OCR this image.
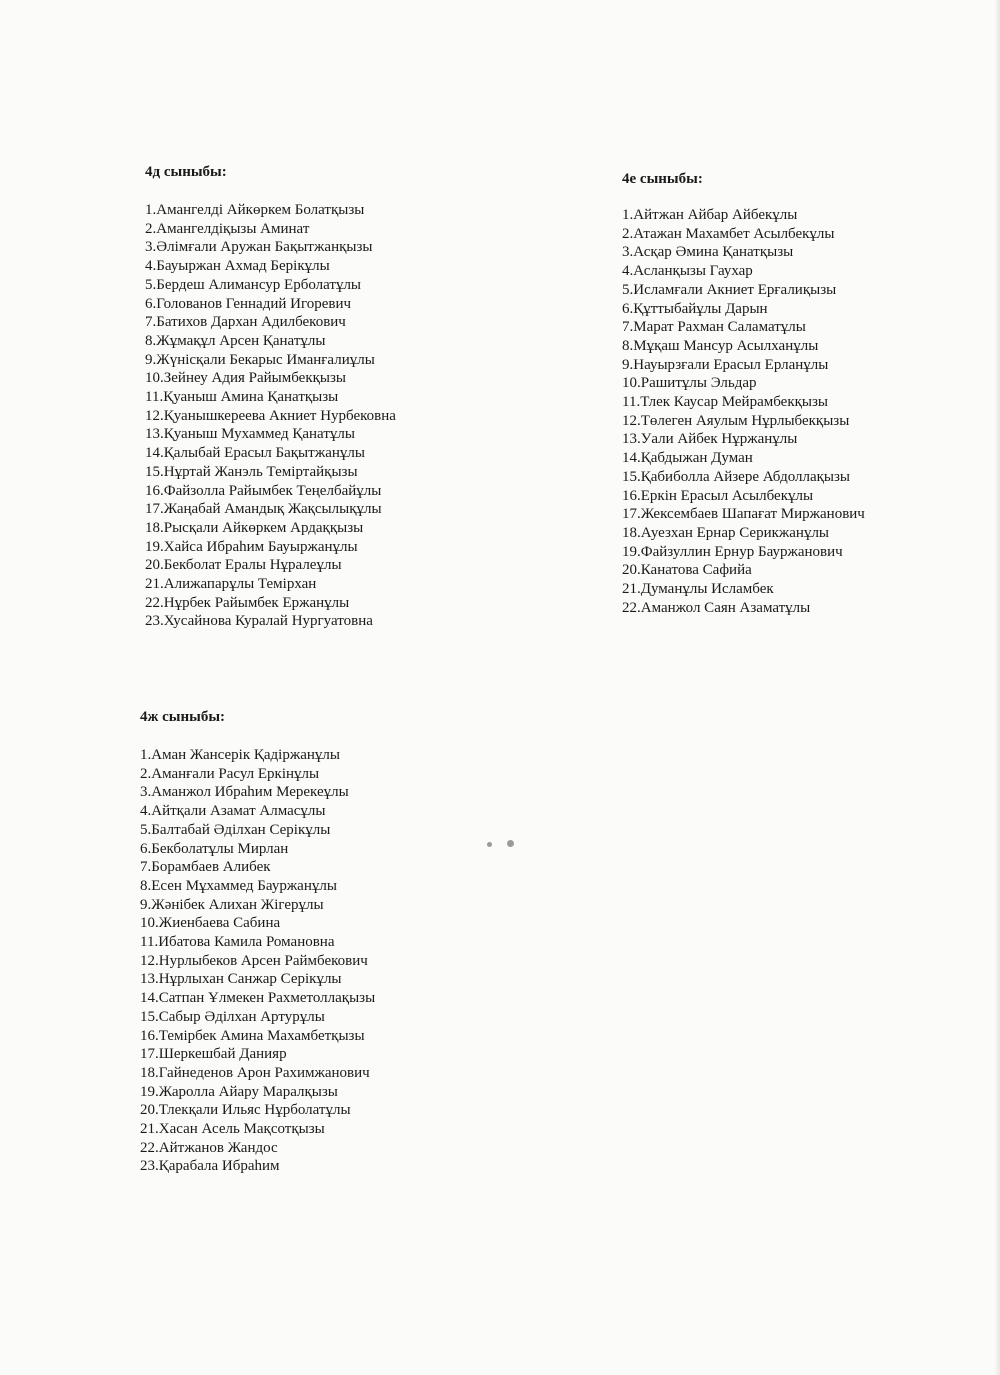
4д сыныбы:
1.Амангелді Айкөркем Болатқызы
2.Амангелдіқызы Аминат
3.Әлімғали Аружан Бақытжанқызы
4.Бауыржан Ахмад Берікұлы
5.Бердеш Алимансур Ерболатұлы
6.Голованов Геннадий Игоревич
7.Батихов Дархан Адилбекович
8.Жұмақұл Арсен Қанатұлы
9.Жүнісқали Бекарыс Иманғалиұлы
10.Зейнеу Адия Райымбекқызы
11.Қуаныш Амина Қанатқызы
12.Қуанышкереева Акниет Нурбековна
13.Қуаныш Мухаммед Қанатұлы
14.Қалыбай Ерасыл Бақытжанұлы
15.Нұртай Жанэль Темiртайқызы
16.Файзолла Райымбек Теңелбайұлы
17.Жаңабай Амандық Жақсылықұлы
18.Рысқали Айкөркем Ардаққызы
19.Хайса Ибраһим Бауыржанұлы
20.Бекболат Ералы Нұралеұлы
21.Алижапарұлы Темірхан
22.Нұрбек Райымбек Ержанұлы
23.Хусайнова Куралай Нургуатовна
4е сыныбы:
1.Айтжан Айбар Айбекұлы
2.Атажан Махамбет Асылбекұлы
3.Асқар Әмина Қанатқызы
4.Асланқызы Гаухар
5.Исламғали Акниет Ерғалиқызы
6.Құттыбайұлы Дарын
7.Марат Рахман Саламатұлы
8.Мұқаш Мансур Асылханұлы
9.Науырзғали Ерасыл Ерланұлы
10.Рашитұлы Эльдар
11.Тлек Каусар Мейрамбекқызы
12.Төлеген Аяулым Нұрлыбекқызы
13.Уали Айбек Нұржанұлы
14.Қабдыжан Думан
15.Қабиболла Айзере Абдоллақызы
16.Еркін Ерасыл Асылбекұлы
17.Жексембаев Шапағат Миржанович
18.Ауезхан Ернар Серикжанұлы
19.Файзуллин Ернур Бауржанович
20.Канатова Сафийа
21.Думанұлы Исламбек
22.Аманжол Саян Азаматұлы
4ж сыныбы:
1.Аман Жансерік Қадiржанұлы
2.Аманғали Расул Еркінұлы
3.Аманжол Ибраһим Мерекеұлы
4.Айтқали Азамат Алмасұлы
5.Балтабай Әділхан Серікұлы
6.Бекболатұлы Мирлан
7.Борамбаев Алибек
8.Есен Мұхаммед Бауржанұлы
9.Жәнібек Алихан Жігерұлы
10.Жиенбаева Сабина
11.Ибатова Камила Романовна
12.Нурлыбеков Арсен Раймбекович
13.Нұрлыхан Санжар Серікұлы
14.Сатпан Ұлмекен Рахметоллақызы
15.Сабыр Әділхан Артурұлы
16.Темірбек Амина Махамбетқызы
17.Шеркешбай Данияр
18.Гайнеденов Арон Рахимжанович
19.Жаролла Айару Маралқызы
20.Тлекқали Ильяс Нұрболатұлы
21.Хасан Асель Мақсотқызы
22.Айтжанов Жандос
23.Қарабала Ибраһим
